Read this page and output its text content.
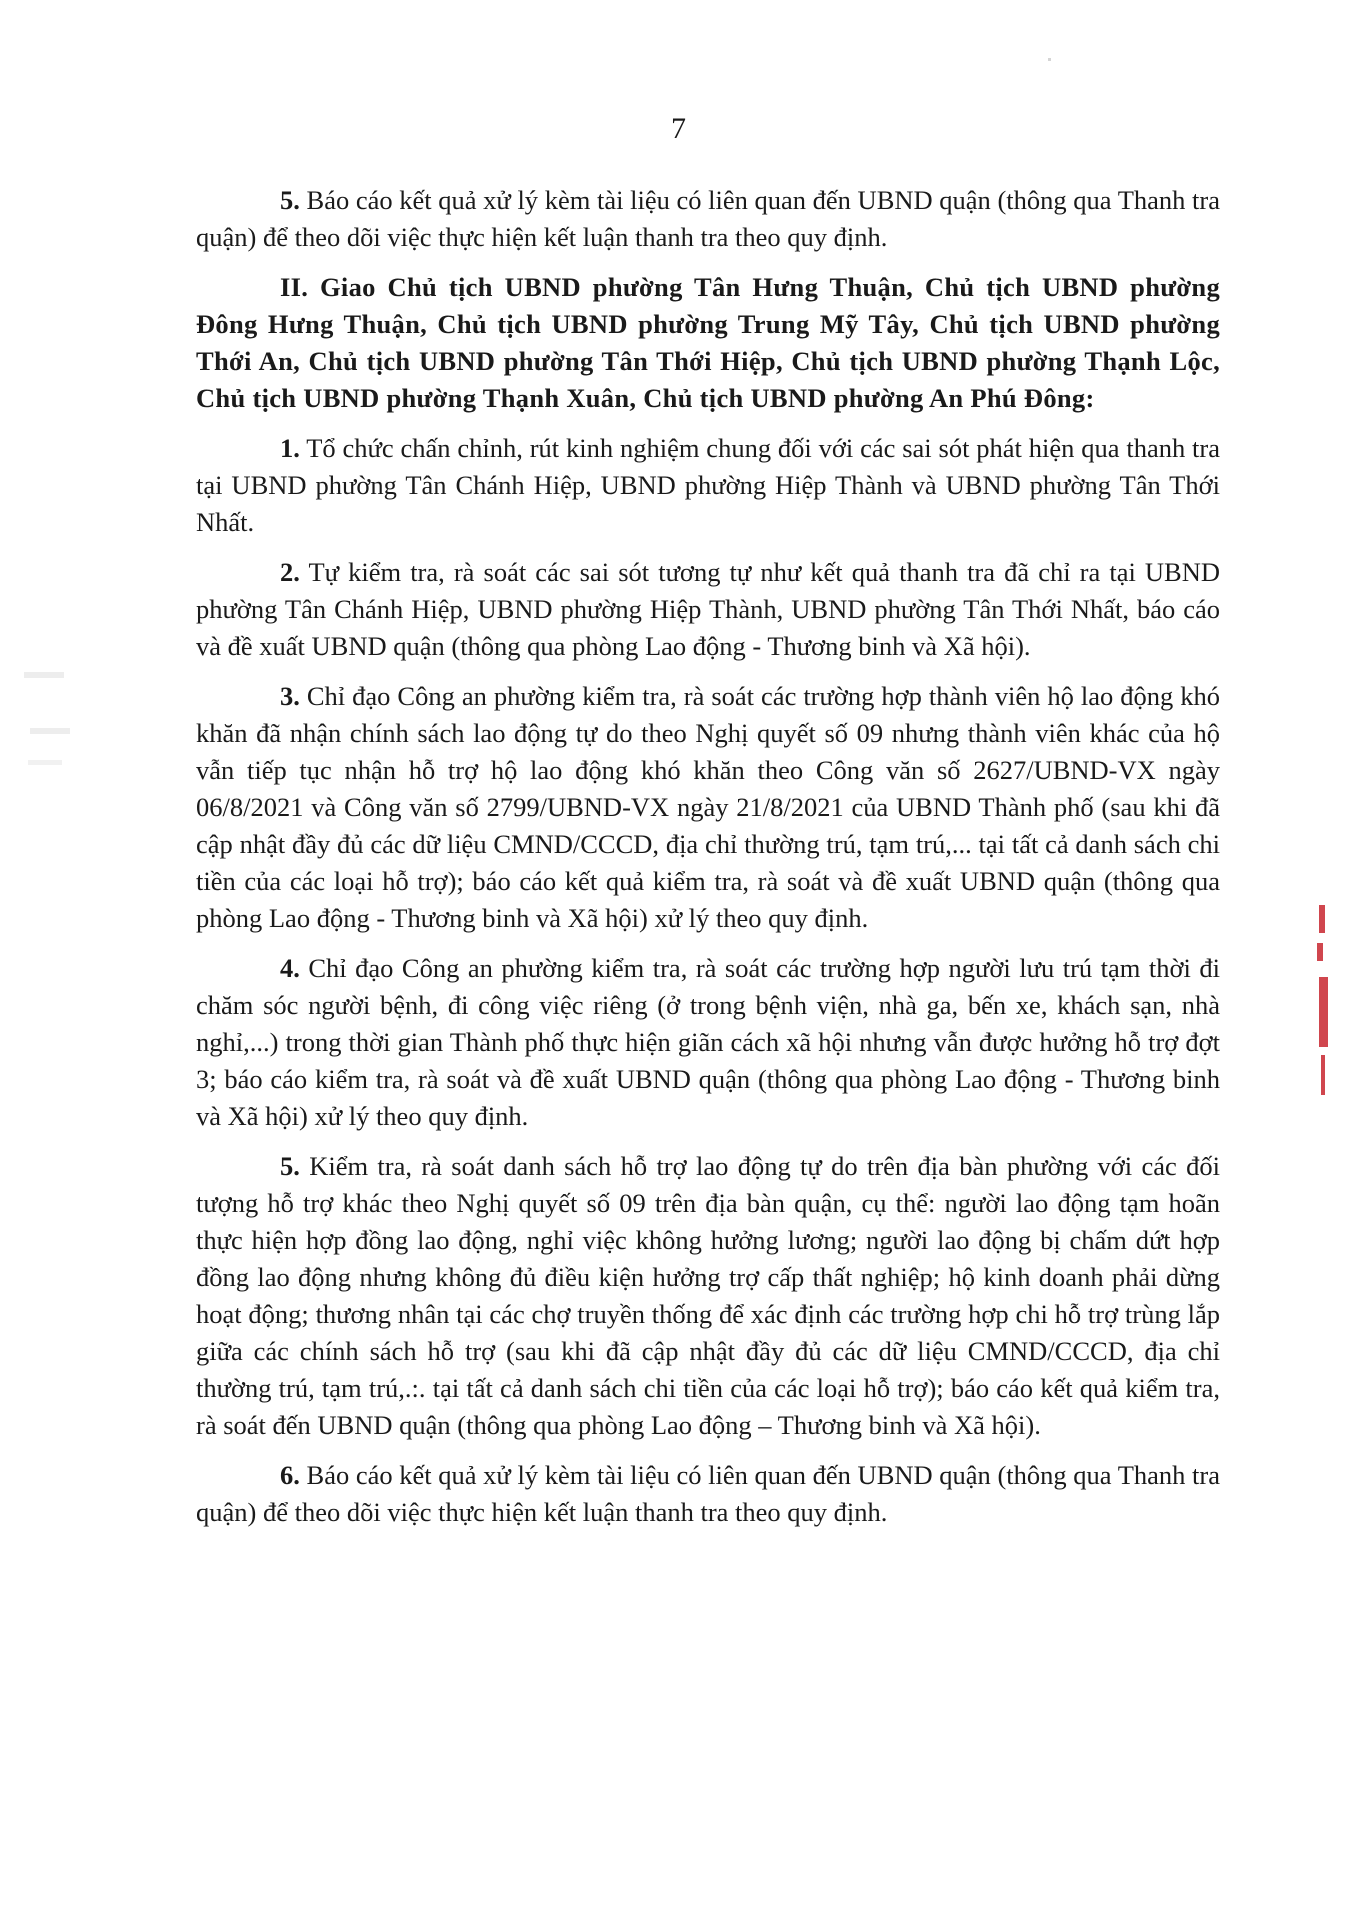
7

5. Báo cáo kết quả xử lý kèm tài liệu có liên quan đến UBND quận (thông qua Thanh tra quận) để theo dõi việc thực hiện kết luận thanh tra theo quy định.

II. Giao Chủ tịch UBND phường Tân Hưng Thuận, Chủ tịch UBND phường Đông Hưng Thuận, Chủ tịch UBND phường Trung Mỹ Tây, Chủ tịch UBND phường Thới An, Chủ tịch UBND phường Tân Thới Hiệp, Chủ tịch UBND phường Thạnh Lộc, Chủ tịch UBND phường Thạnh Xuân, Chủ tịch UBND phường An Phú Đông:

1. Tổ chức chấn chỉnh, rút kinh nghiệm chung đối với các sai sót phát hiện qua thanh tra tại UBND phường Tân Chánh Hiệp, UBND phường Hiệp Thành và UBND phường Tân Thới Nhất.

2. Tự kiểm tra, rà soát các sai sót tương tự như kết quả thanh tra đã chỉ ra tại UBND phường Tân Chánh Hiệp, UBND phường Hiệp Thành, UBND phường Tân Thới Nhất, báo cáo và đề xuất UBND quận (thông qua phòng Lao động - Thương binh và Xã hội).

3. Chỉ đạo Công an phường kiểm tra, rà soát các trường hợp thành viên hộ lao động khó khăn đã nhận chính sách lao động tự do theo Nghị quyết số 09 nhưng thành viên khác của hộ vẫn tiếp tục nhận hỗ trợ hộ lao động khó khăn theo Công văn số 2627/UBND-VX ngày 06/8/2021 và Công văn số 2799/UBND-VX ngày 21/8/2021 của UBND Thành phố (sau khi đã cập nhật đầy đủ các dữ liệu CMND/CCCD, địa chỉ thường trú, tạm trú,... tại tất cả danh sách chi tiền của các loại hỗ trợ); báo cáo kết quả kiểm tra, rà soát và đề xuất UBND quận (thông qua phòng Lao động - Thương binh và Xã hội) xử lý theo quy định.

4. Chỉ đạo Công an phường kiểm tra, rà soát các trường hợp người lưu trú tạm thời đi chăm sóc người bệnh, đi công việc riêng (ở trong bệnh viện, nhà ga, bến xe, khách sạn, nhà nghỉ,...) trong thời gian Thành phố thực hiện giãn cách xã hội nhưng vẫn được hưởng hỗ trợ đợt 3; báo cáo kiểm tra, rà soát và đề xuất UBND quận (thông qua phòng Lao động - Thương binh và Xã hội) xử lý theo quy định.

5. Kiểm tra, rà soát danh sách hỗ trợ lao động tự do trên địa bàn phường với các đối tượng hỗ trợ khác theo Nghị quyết số 09 trên địa bàn quận, cụ thể: người lao động tạm hoãn thực hiện hợp đồng lao động, nghỉ việc không hưởng lương; người lao động bị chấm dứt hợp đồng lao động nhưng không đủ điều kiện hưởng trợ cấp thất nghiệp; hộ kinh doanh phải dừng hoạt động; thương nhân tại các chợ truyền thống để xác định các trường hợp chi hỗ trợ trùng lắp giữa các chính sách hỗ trợ (sau khi đã cập nhật đầy đủ các dữ liệu CMND/CCCD, địa chỉ thường trú, tạm trú,.:. tại tất cả danh sách chi tiền của các loại hỗ trợ); báo cáo kết quả kiểm tra, rà soát đến UBND quận (thông qua phòng Lao động – Thương binh và Xã hội).

6. Báo cáo kết quả xử lý kèm tài liệu có liên quan đến UBND quận (thông qua Thanh tra quận) để theo dõi việc thực hiện kết luận thanh tra theo quy định.
